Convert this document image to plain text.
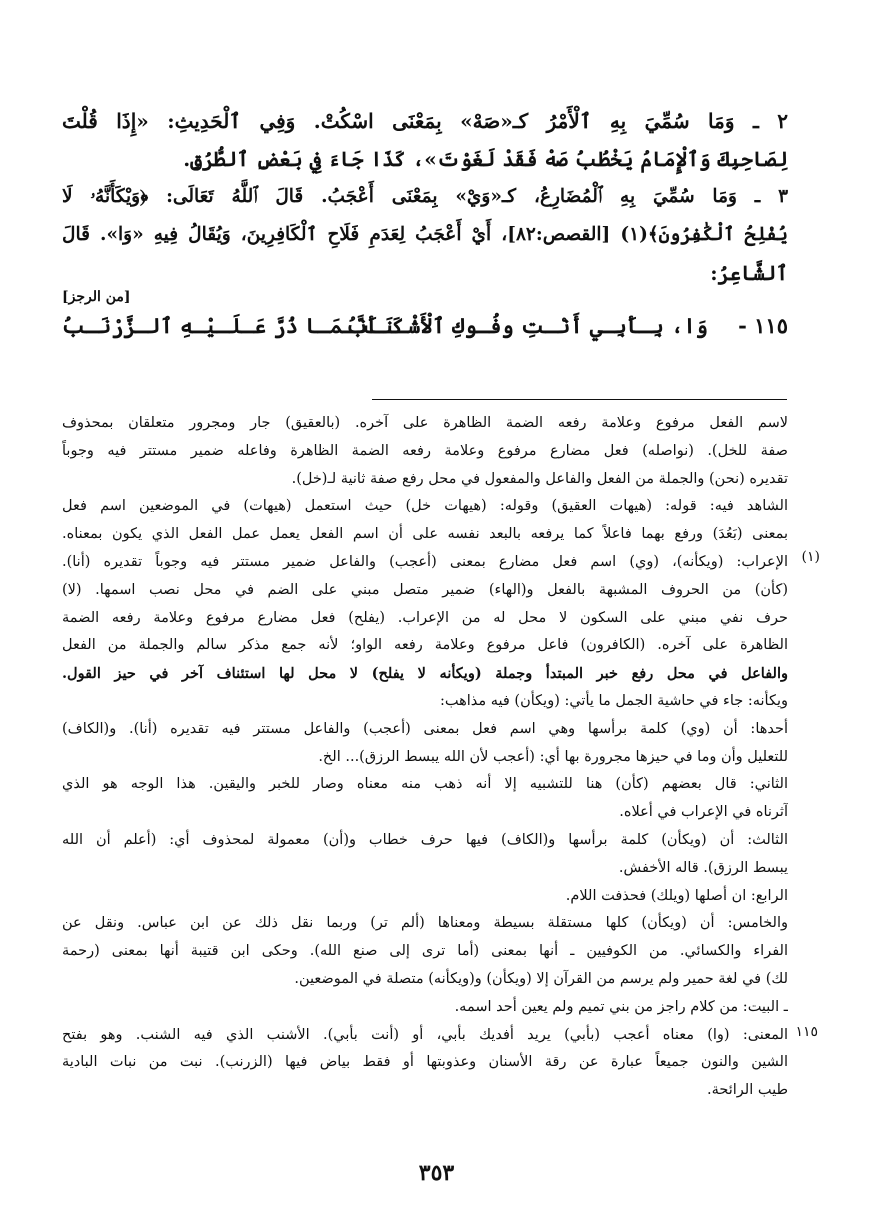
٢ ـ وَمَا سُمِّيَ بِهِ ٱلْأَمْرُ كـ«صَهْ» بِمَعْنَى اسْكُتْ. وَفِي ٱلْحَدِيثِ: «إِذَا قُلْتَ
لِصَاحِبِكَ وَٱلْإِمَامُ يَخْطُبُ صَهْ فَقَدْ لَغَوْتَ»، كَذَا جَاءَ فِي بَعْضِ ٱلطُّرُقِ.
٣ ـ وَمَا سُمِّيَ بِهِ ٱلْمُضَارِعُ، كـ«وَيْ» بِمَعْنَى أَعْجَبُ. قَالَ ٱللَّهُ تَعَالَى: ﴿وَيْكَأَنَّهُۥ لَا
يُفْلِحُ ٱلْكَٰفِرُونَ﴾(١) [القصص:٨٢]، أَيْ أَعْجَبُ لِعَدَمِ فَلَاحِ ٱلْكَافِرِينَ، وَيُقَالُ فِيهِ «وَا». قَالَ
ٱلشَّاعِرُ:
[من الرجز]
١١٥ -
وَا، بِـأَبِـي أَنْـتِ وفُـوكِ ٱلْأَشْـنَـبُ
كَـأَنَّـمَـا ذُرَّ عَـلَـيْـهِ ٱلـزَّرْنَـبُ
(١)
١١٥
لاسم الفعل مرفوع وعلامة رفعه الضمة الظاهرة على آخره. (بالعقيق) جار ومجرور متعلقان بمحذوف
صفة للخل). (نواصله) فعل مضارع مرفوع وعلامة رفعه الضمة الظاهرة وفاعله ضمير مستتر فيه وجوباً
تقديره (نحن) والجملة من الفعل والفاعل والمفعول في محل رفع صفة ثانية لـ(خل).
الشاهد فيه: قوله: (هيهات العقيق) وقوله: (هيهات خل) حيث استعمل (هيهات) في الموضعين اسم فعل
بمعنى (بَعُدَ) ورفع بهما فاعلاً كما يرفعه بالبعد نفسه على أن اسم الفعل يعمل عمل الفعل الذي يكون بمعناه.
الإعراب: (ويكأنه)، (وي) اسم فعل مضارع بمعنى (أعجب) والفاعل ضمير مستتر فيه وجوباً تقديره (أنا).
(كأن) من الحروف المشبهة بالفعل و(الهاء) ضمير متصل مبني على الضم في محل نصب اسمها. (لا)
حرف نفي مبني على السكون لا محل له من الإعراب. (يفلح) فعل مضارع مرفوع وعلامة رفعه الضمة
الظاهرة على آخره. (الكافرون) فاعل مرفوع وعلامة رفعه الواو؛ لأنه جمع مذكر سالم والجملة من الفعل
والفاعل في محل رفع خبر المبتدأ وجملة (ويكأنه لا يفلح) لا محل لها استئناف آخر في حيز القول.
ويكأنه: جاء في حاشية الجمل ما يأتي: (ويكأن) فيه مذاهب:
أحدها: أن (وي) كلمة برأسها وهي اسم فعل بمعنى (أعجب) والفاعل مستتر فيه تقديره (أنا). و(الكاف)
للتعليل وأن وما في حيزها مجرورة بها أي: (أعجب لأن الله يبسط الرزق)... الخ.
الثاني: قال بعضهم (كأن) هنا للتشبيه إلا أنه ذهب منه معناه وصار للخبر واليقين. هذا الوجه هو الذي
آثرناه في الإعراب في أعلاه.
الثالث: أن (ويكأن) كلمة برأسها و(الكاف) فيها حرف خطاب و(أن) معمولة لمحذوف أي: (أعلم أن الله
يبسط الرزق). قاله الأخفش.
الرابع: ان أصلها (ويلك) فحذفت اللام.
والخامس: أن (ويكأن) كلها مستقلة بسيطة ومعناها (ألم تر) وربما نقل ذلك عن ابن عباس. ونقل عن
الفراء والكسائي. من الكوفيين ـ أنها بمعنى (أما ترى إلى صنع الله). وحكى ابن قتيبة أنها بمعنى (رحمة
لك) في لغة حمير ولم يرسم من القرآن إلا (ويكأن) و(ويكأنه) متصلة في الموضعين.
ـ البيت: من كلام راجز من بني تميم ولم يعين أحد اسمه.
المعنى: (وا) معناه أعجب (بأبي) يريد أفديك بأبي، أو (أنت بأبي). الأشنب الذي فيه الشنب. وهو بفتح
الشين والنون جميعاً عبارة عن رقة الأسنان وعذوبتها أو فقط بياض فيها (الزرنب). نبت من نبات البادية
طيب الرائحة.
٣٥٣
